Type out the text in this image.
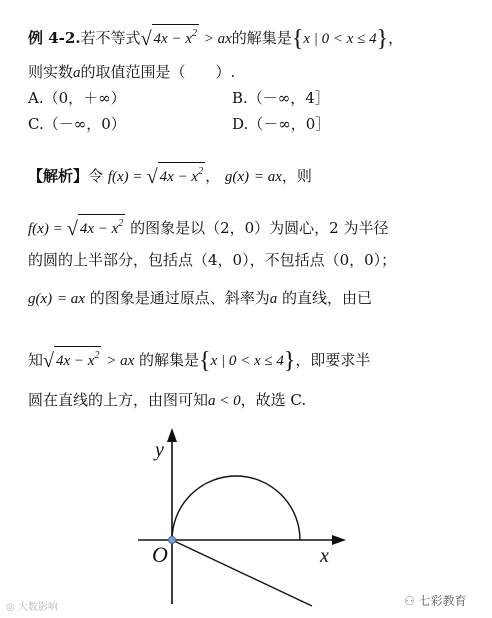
例 4-2.若不等式√ $4x - x^2$ > ax的解集是{x | 0 < x ≤ 4}，
则实数a的取值范围是（　　）.
A.（0，＋∞）	B.（－∞，4］
C.（－∞，0）	D.（－∞，0］
【解析】令 f(x) = √ $4x - x^2$ ， g(x) = ax，则
f(x) = √ $4x - x^2$ 的图象是以（2，0）为圆心，2 为半径
的圆的上半部分，包括点（4，0），不包括点（0，0）；
g(x) = ax 的图象是通过原点、斜率为a 的直线，由已
知√ $4x - x^2$ > ax 的解集是{x | 0 < x ≤ 4}，即要求半
圆在直线的上方，由图可知a < 0，故选 C.
y
x
O
◎ 大数影响	⚇ 七彩教育
